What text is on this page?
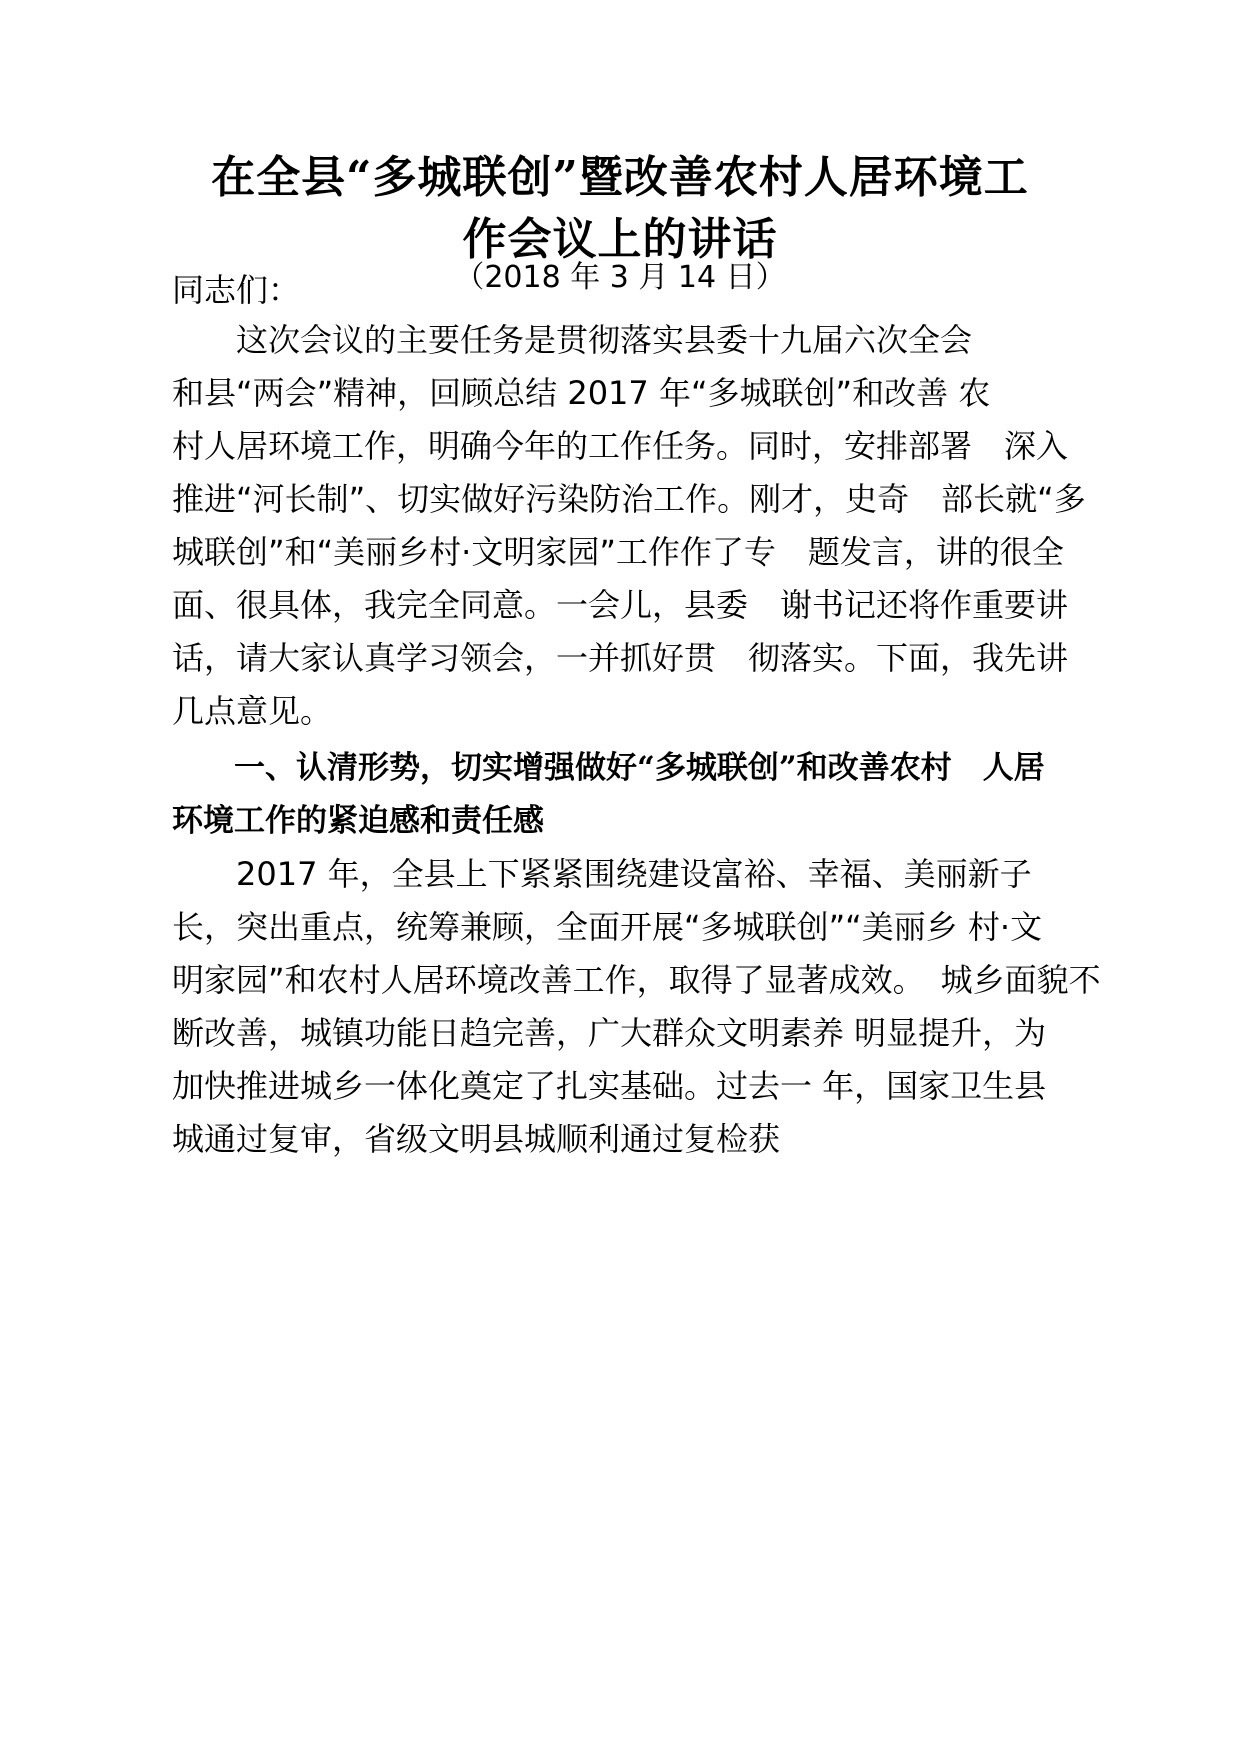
在全县“多城联创”暨改善农村人居环境工
作会议上的讲话
（2018 年 3 月 14 日）
同志们：
　　这次会议的主要任务是贯彻落实县委十九届六次全会
和县“两会”精神，回顾总结 2017 年“多城联创”和改善 农
村人居环境工作，明确今年的工作任务。同时，安排部署　深入
推进“河长制”、切实做好污染防治工作。刚才，史奇　部长就“多
城联创”和“美丽乡村·文明家园”工作作了专　题发言，讲的很全
面、很具体，我完全同意。一会儿，县委　谢书记还将作重要讲
话，请大家认真学习领会，一并抓好贯　彻落实。下面，我先讲
几点意见。
　　一、认清形势，切实增强做好“多城联创”和改善农村　人居
环境工作的紧迫感和责任感
　　2017 年，全县上下紧紧围绕建设富裕、幸福、美丽新子
长，突出重点，统筹兼顾，全面开展“多城联创”“美丽乡 村·文
明家园”和农村人居环境改善工作，取得了显著成效。　城乡面貌不
断改善，城镇功能日趋完善，广大群众文明素养 明显提升，为
加快推进城乡一体化奠定了扎实基础。过去一 年，国家卫生县
城通过复审，省级文明县城顺利通过复检获
